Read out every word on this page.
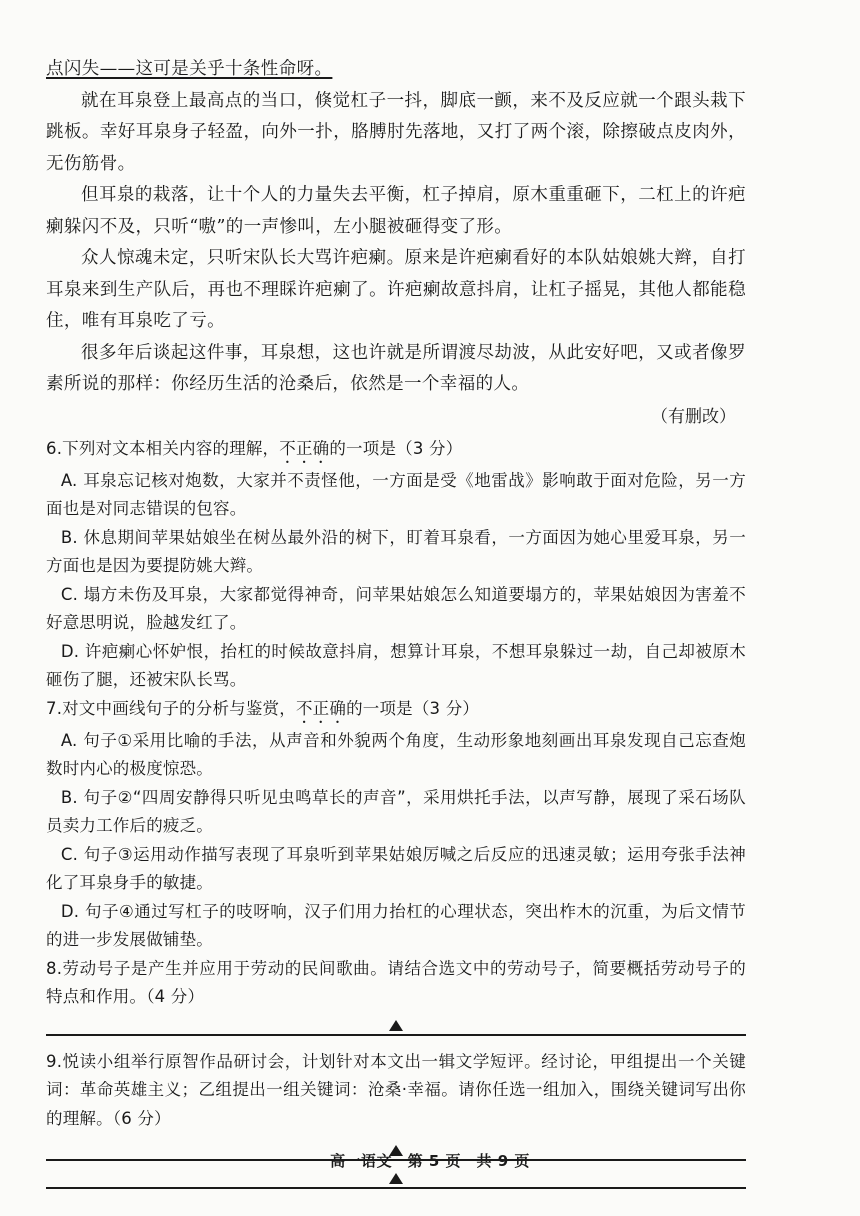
点闪失——这可是关乎十条性命呀。

就在耳泉登上最高点的当口，倏觉杠子一抖，脚底一颤，来不及反应就一个跟头栽下跳板。幸好耳泉身子轻盈，向外一扑，胳膊肘先落地，又打了两个滚，除擦破点皮肉外，无伤筋骨。

但耳泉的栽落，让十个人的力量失去平衡，杠子掉肩，原木重重砸下，二杠上的许疤瘌躲闪不及，只听“嗷”的一声惨叫，左小腿被砸得变了形。

众人惊魂未定，只听宋队长大骂许疤瘌。原来是许疤瘌看好的本队姑娘姚大辫，自打耳泉来到生产队后，再也不理睬许疤瘌了。许疤瘌故意抖肩，让杠子摇晃，其他人都能稳住，唯有耳泉吃了亏。

很多年后谈起这件事，耳泉想，这也许就是所谓渡尽劫波，从此安好吧，又或者像罗素所说的那样：你经历生活的沧桑后，依然是一个幸福的人。

（有删改）

6.下列对文本相关内容的理解，不正确的一项是（3 分）

A. 耳泉忘记核对炮数，大家并不责怪他，一方面是受《地雷战》影响敢于面对危险，另一方面也是对同志错误的包容。

B. 休息期间苹果姑娘坐在树丛最外沿的树下，盯着耳泉看，一方面因为她心里爱耳泉，另一方面也是因为要提防姚大辫。

C. 塌方未伤及耳泉，大家都觉得神奇，问苹果姑娘怎么知道要塌方的，苹果姑娘因为害羞不好意思明说，脸越发红了。

D. 许疤瘌心怀妒恨，抬杠的时候故意抖肩，想算计耳泉，不想耳泉躲过一劫，自己却被原木砸伤了腿，还被宋队长骂。

7.对文中画线句子的分析与鉴赏，不正确的一项是（3 分）

A. 句子①采用比喻的手法，从声音和外貌两个角度，生动形象地刻画出耳泉发现自己忘查炮数时内心的极度惊恐。

B. 句子②“四周安静得只听见虫鸣草长的声音”，采用烘托手法，以声写静，展现了采石场队员卖力工作后的疲乏。

C. 句子③运用动作描写表现了耳泉听到苹果姑娘厉喊之后反应的迅速灵敏；运用夸张手法神化了耳泉身手的敏捷。

D. 句子④通过写杠子的吱呀响，汉子们用力抬杠的心理状态，突出柞木的沉重，为后文情节的进一步发展做铺垫。

8.劳动号子是产生并应用于劳动的民间歌曲。请结合选文中的劳动号子，简要概括劳动号子的特点和作用。（4 分）

9.悦读小组举行原智作品研讨会，计划针对本文出一辑文学短评。经讨论，甲组提出一个关键词：革命英雄主义；乙组提出一组关键词：沧桑·幸福。请你任选一组加入，围绕关键词写出你的理解。（6 分）

高一语文　第 5 页　共 9 页
